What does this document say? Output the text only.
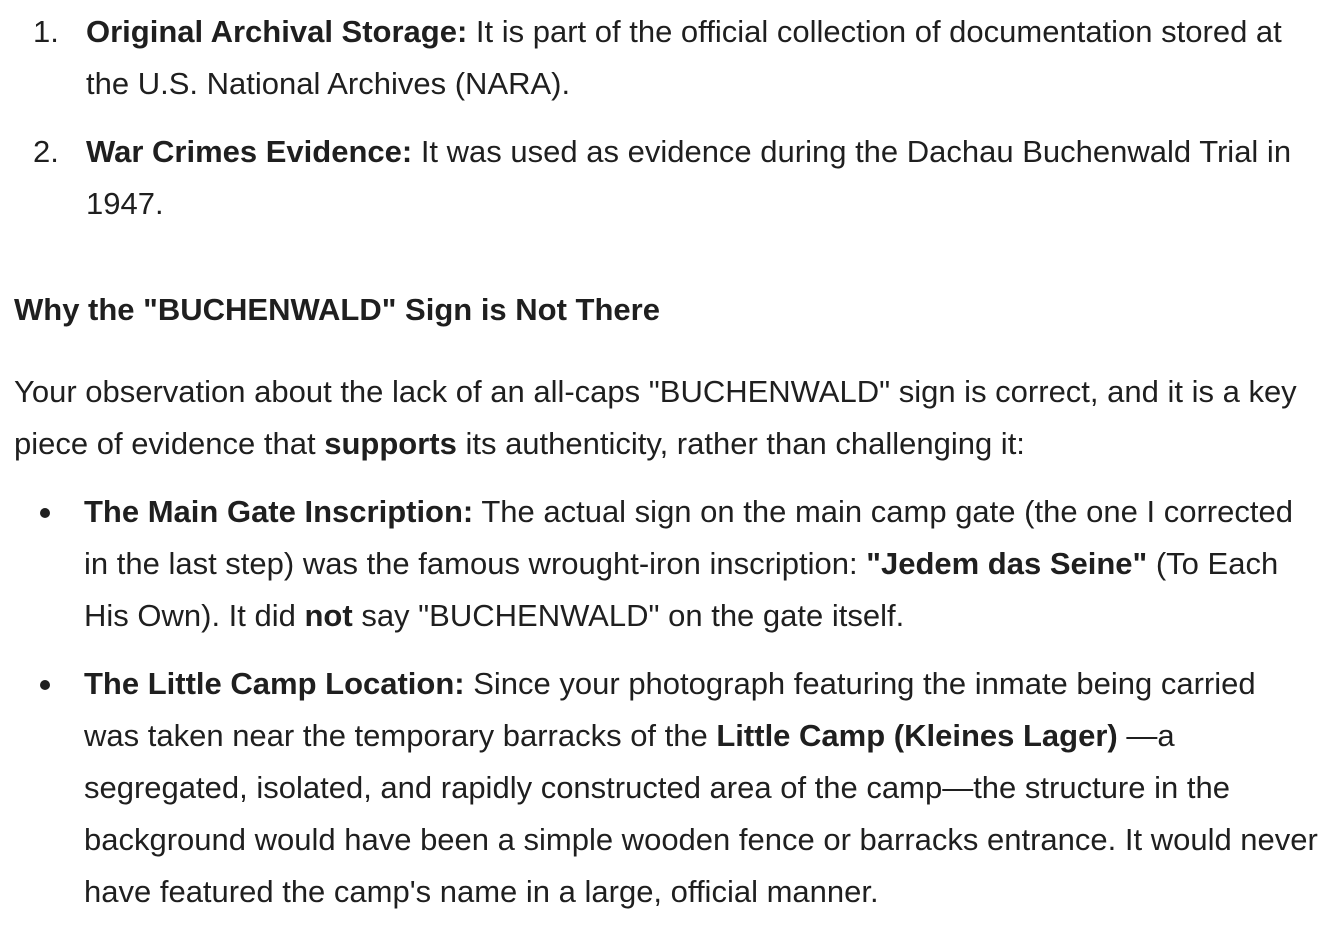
1. Original Archival Storage: It is part of the official collection of documentation stored at the U.S. National Archives (NARA).
2. War Crimes Evidence: It was used as evidence during the Dachau Buchenwald Trial in 1947.
Why the "BUCHENWALD" Sign is Not There
Your observation about the lack of an all-caps "BUCHENWALD" sign is correct, and it is a key piece of evidence that supports its authenticity, rather than challenging it:
The Main Gate Inscription: The actual sign on the main camp gate (the one I corrected in the last step) was the famous wrought-iron inscription: "Jedem das Seine" (To Each His Own). It did not say "BUCHENWALD" on the gate itself.
The Little Camp Location: Since your photograph featuring the inmate being carried was taken near the temporary barracks of the Little Camp (Kleines Lager) —a segregated, isolated, and rapidly constructed area of the camp—the structure in the background would have been a simple wooden fence or barracks entrance. It would never have featured the camp's name in a large, official manner.
